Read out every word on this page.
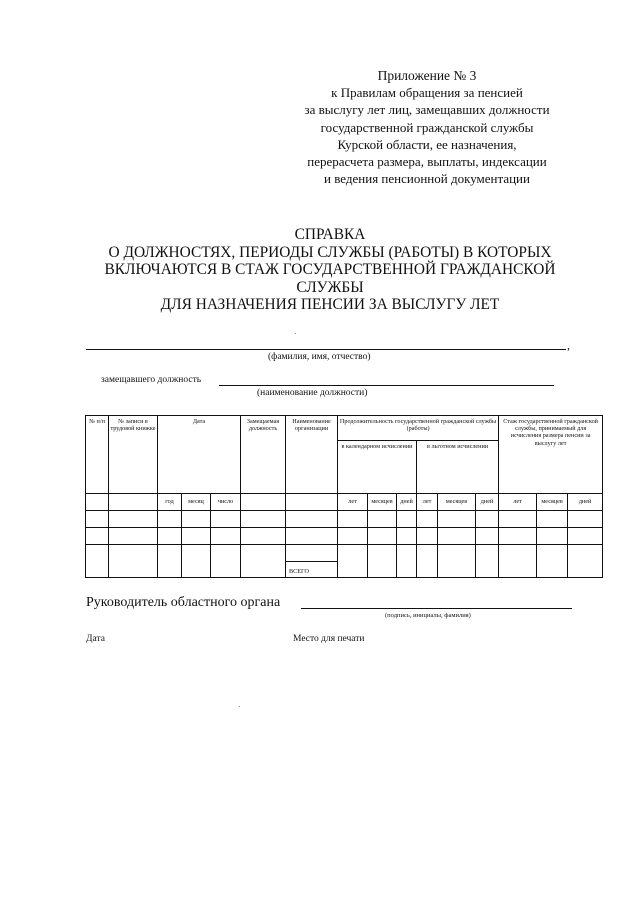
Приложение № 3
к Правилам обращения за пенсией
за выслугу лет лиц, замещавших должности
государственной гражданской службы
Курской области, ее назначения,
перерасчета размера, выплаты, индексации
и ведения пенсионной документации
СПРАВКА
О ДОЛЖНОСТЯХ, ПЕРИОДЫ СЛУЖБЫ (РАБОТЫ) В КОТОРЫХ
ВКЛЮЧАЮТСЯ В СТАЖ ГОСУДАРСТВЕННОЙ ГРАЖДАНСКОЙ
СЛУЖБЫ
ДЛЯ НАЗНАЧЕНИЯ ПЕНСИИ ЗА ВЫСЛУГУ ЛЕТ
,
(фамилия, имя, отчество)
замещавшего должность
(наименование должности)
№ п/п	№ записи в трудовой книжке	Дата			Замещаемая должность	Наименование организации	Продолжительность государственной гражданской службы (работы)						Стаж государственной гражданской службы, принимаемый для исчисления размера пенсии за выслугу лет		
							в календарном исчислении			в льготном исчислении					
		год	месяц	число			лет	месяцев	дней	лет	месяцев	дней	лет	месяцев	дней

						ВСЕГО									
Руководитель областного органа
(подпись, инициалы, фамилия)
Дата	Место для печати
